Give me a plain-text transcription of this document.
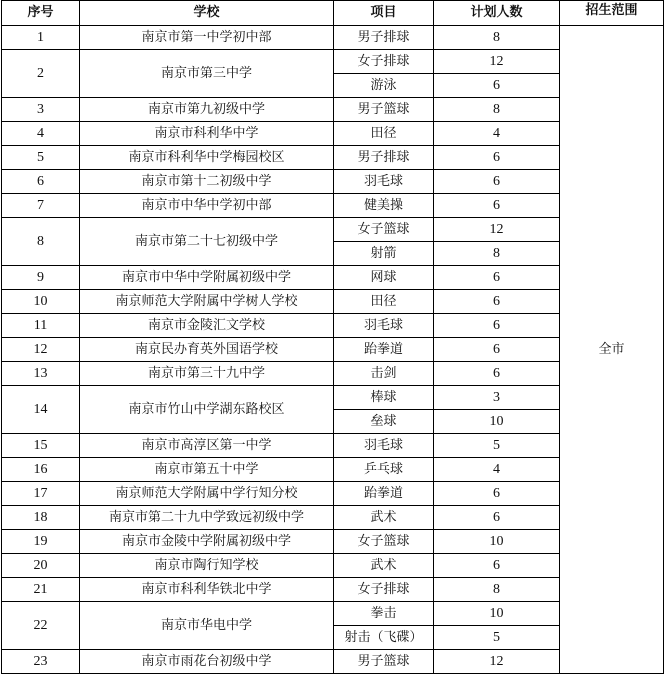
序号	学校	项目	计划人数	招生范围
1	南京市第一中学初中部	男子排球	8	全市
2	南京市第三中学	女子排球	12	
		游泳	6	
3	南京市第九初级中学	男子篮球	8	
4	南京市科利华中学	田径	4	
5	南京市科利华中学梅园校区	男子排球	6	
6	南京市第十二初级中学	羽毛球	6	
7	南京市中华中学初中部	健美操	6	
8	南京市第二十七初级中学	女子篮球	12	
		射箭	8	
9	南京市中华中学附属初级中学	网球	6	
10	南京师范大学附属中学树人学校	田径	6	
11	南京市金陵汇文学校	羽毛球	6	
12	南京民办育英外国语学校	跆拳道	6	
13	南京市第三十九中学	击剑	6	
14	南京市竹山中学湖东路校区	棒球	3	
		垒球	10	
15	南京市高淳区第一中学	羽毛球	5	
16	南京市第五十中学	乒乓球	4	
17	南京师范大学附属中学行知分校	跆拳道	6	
18	南京市第二十九中学致远初级中学	武术	6	
19	南京市金陵中学附属初级中学	女子篮球	10	
20	南京市陶行知学校	武术	6	
21	南京市科利华铁北中学	女子排球	8	
22	南京市华电中学	拳击	10	
		射击（飞碟）	5	
23	南京市雨花台初级中学	男子篮球	12	
